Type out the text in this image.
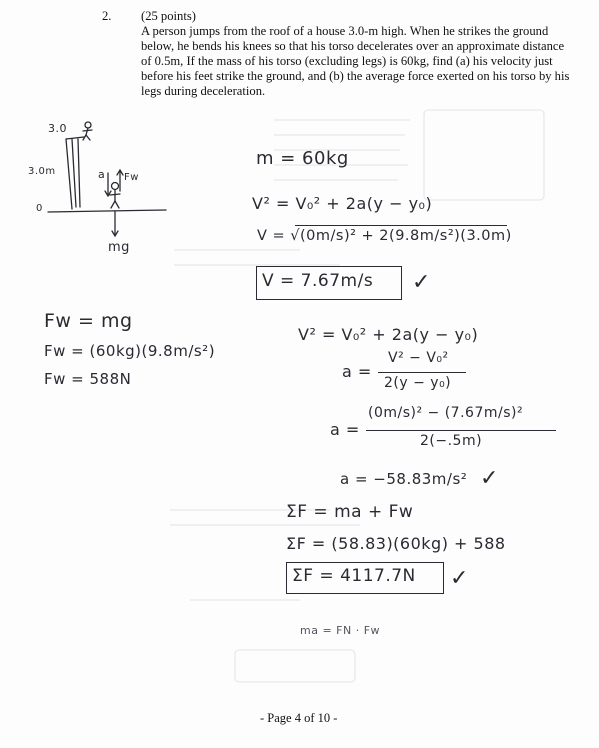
2. (25 points)
A person jumps from the roof of a house 3.0-m high. When he strikes the ground below, he bends his knees so that his torso decelerates over an approximate distance of 0.5m, If the mass of his torso (excluding legs) is 60kg, find (a) his velocity just before his feet strike the ground, and (b) the average force exerted on his torso by his legs during deceleration.
3.0
3.0m
0
a Fw
mg
m = 60kg
V² = V₀² + 2a(y − y₀)
V = √(0m/s)² + 2(9.8m/s²)(3.0m)
V = 7.67m/s ✓
Fw = mg
Fw = (60kg)(9.8m/s²)
Fw = 588N
V² = V₀² + 2a(y − y₀)
a =
V² − V₀²
2(y − y₀)
a =
(0m/s)² − (7.67m/s)²
2(−.5m)
a = −58.83m/s² ✓
ΣF = ma + Fw
ΣF = (58.83)(60kg) + 588
ΣF = 4117.7N ✓
ma = FN · Fw
- Page 4 of 10 -
